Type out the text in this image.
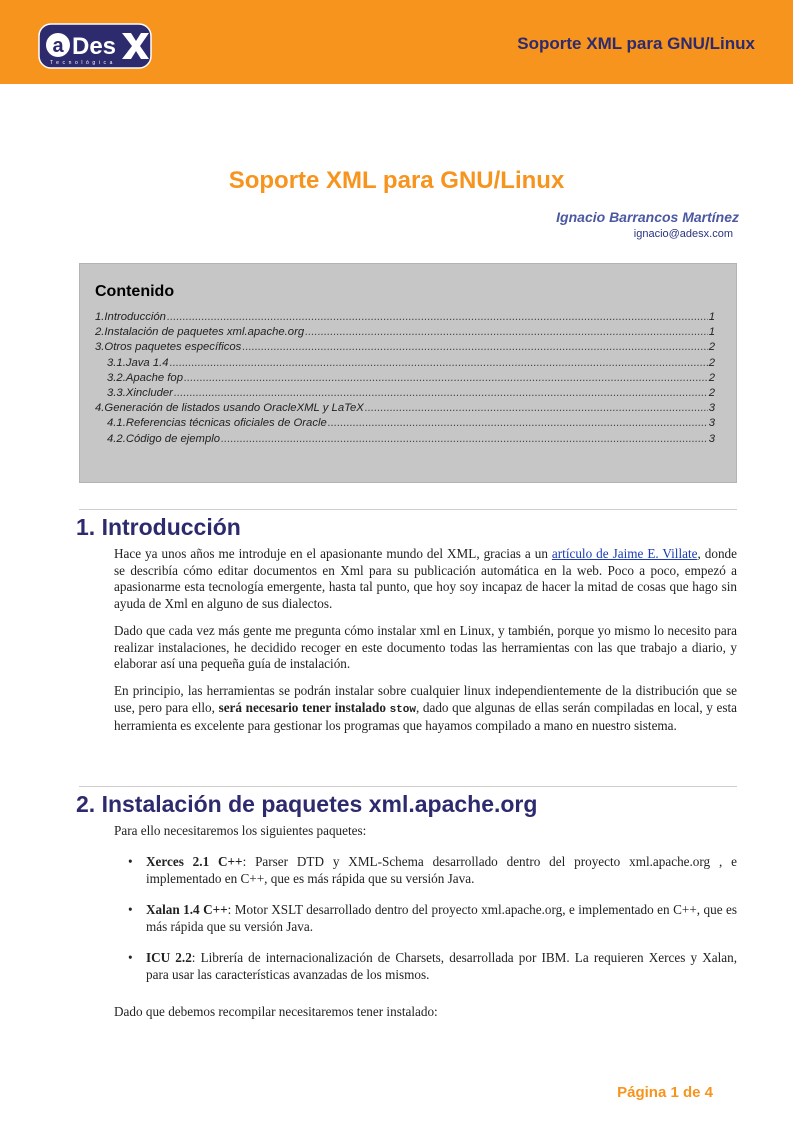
a Des
Tecnológica
Soporte XML para GNU/Linux
Soporte XML para GNU/Linux
Ignacio Barrancos Martínez
ignacio@adesx.com
Contenido
1.Introducción .....	1
2.Instalación de paquetes xml.apache.org .....	1
3.Otros paquetes específicos .....	2
3.1.Java 1.4 .....	2
3.2.Apache fop .....	2
3.3.Xincluder .....	2
4.Generación de listados usando OracleXML y LaTeX .....	3
4.1.Referencias técnicas oficiales de Oracle .....	3
4.2.Código de ejemplo .....	3
1. Introducción

Hace ya unos años me introduje en el apasionante mundo del XML, gracias a un artículo de Jaime E. Villate, donde se describía cómo editar documentos en Xml para su publicación automática en la web. Poco a poco, empezó a apasionarme esta tecnología emergente, hasta tal punto, que hoy soy incapaz de hacer la mitad de cosas que hago sin ayuda de Xml en alguno de sus dialectos.

Dado que cada vez más gente me pregunta cómo instalar xml en Linux, y también, porque yo mismo lo necesito para realizar instalaciones, he decidido recoger en este documento todas las herramientas con las que trabajo a diario, y elaborar así una pequeña guía de instalación.

En principio, las herramientas se podrán instalar sobre cualquier linux independientemente de la distribución que se use, pero para ello, será necesario tener instalado stow, dado que algunas de ellas serán compiladas en local, y esta herramienta es excelente para gestionar los programas que hayamos compilado a mano en nuestro sistema.

2. Instalación de paquetes xml.apache.org

Para ello necesitaremos los siguientes paquetes:

• Xerces 2.1 C++: Parser DTD y XML-Schema desarrollado dentro del proyecto xml.apache.org , e implementado en C++, que es más rápida que su versión Java.
• Xalan 1.4 C++: Motor XSLT desarrollado dentro del proyecto xml.apache.org, e implementado en C++, que es más rápida que su versión Java.
• ICU 2.2: Librería de internacionalización de Charsets, desarrollada por IBM. La requieren Xerces y Xalan, para usar las características avanzadas de los mismos.

Dado que debemos recompilar necesitaremos tener instalado:

Página 1 de 4
